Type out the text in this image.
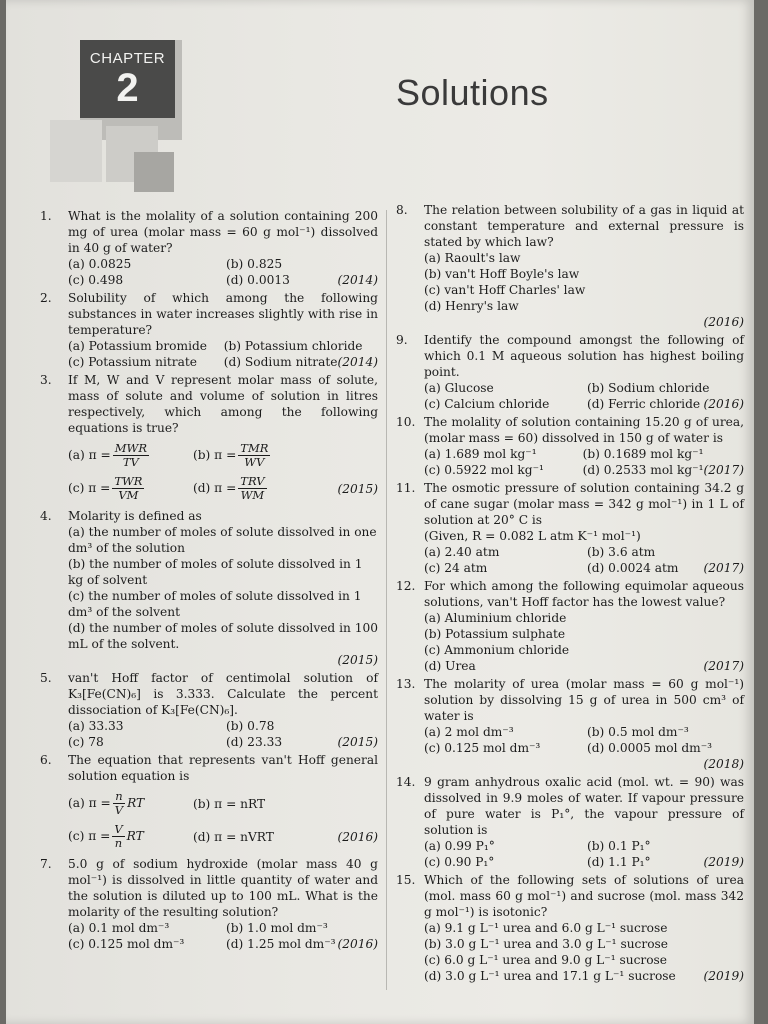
CHAPTER
2	Solutions
1. What is the molality of a solution containing 200 mg of urea (molar mass = 60 g mol⁻¹) dissolved in 40 g of water?
(a) 0.0825	(b) 0.825
(c) 0.498	(d) 0.0013	(2014)
2. Solubility of which among the following substances in water increases slightly with rise in temperature?
(a) Potassium bromide	(b) Potassium chloride
(c) Potassium nitrate	(d) Sodium nitrate (2014)
3. If M, W and V represent molar mass of solute, mass of solute and volume of solution in litres respectively, which among the following equations is true?
(a) $\pi = \frac{\text{MWR}}{TV}$	(b) $\pi = \frac{\text{TMR}}{WV}$
(c) $\pi = \frac{\text{TWR}}{VM}$	(d) $\pi = \frac{\text{TRV}}{WM}$	(2015)
4. Molarity is defined as
(a) the number of moles of solute dissolved in one dm³ of the solution
(b) the number of moles of solute dissolved in 1 kg of solvent
(c) the number of moles of solute dissolved in 1 dm³ of the solvent
(d) the number of moles of solute dissolved in 100 mL of the solvent.
(2015)
5. van't Hoff factor of centimolal solution of K₃[Fe(CN)₆] is 3.333. Calculate the percent dissociation of K₃[Fe(CN)₆].
(a) 33.33	(b) 0.78
(c) 78	(d) 23.33	(2015)
6. The equation that represents van't Hoff general solution equation is
(a) $\pi = \frac{n}{V}$ RT	(b) π = nRT
(c) $\pi = \frac{V}{n}$ RT	(d) π = nVRT	(2016)
7. 5.0 g of sodium hydroxide (molar mass 40 g mol⁻¹) is dissolved in little quantity of water and the solution is diluted up to 100 mL. What is the molarity of the resulting solution?
(a) 0.1 mol dm⁻³	(b) 1.0 mol dm⁻³
(c) 0.125 mol dm⁻³	(d) 1.25 mol dm⁻³ (2016)
8. The relation between solubility of a gas in liquid at constant temperature and external pressure is stated by which law?
(a) Raoult's law
(b) van't Hoff Boyle's law
(c) van't Hoff Charles' law
(d) Henry's law
(2016)
9. Identify the compound amongst the following of which 0.1 M aqueous solution has highest boiling point.
(a) Glucose	(b) Sodium chloride
(c) Calcium chloride	(d) Ferric chloride (2016)
10. The molality of solution containing 15.20 g of urea, (molar mass = 60) dissolved in 150 g of water is
(a) 1.689 mol kg⁻¹	(b) 0.1689 mol kg⁻¹
(c) 0.5922 mol kg⁻¹	(d) 0.2533 mol kg⁻¹ (2017)
11. The osmotic pressure of solution containing 34.2 g of cane sugar (molar mass = 342 g mol⁻¹) in 1 L of solution at 20° C is
(Given, R = 0.082 L atm K⁻¹ mol⁻¹)
(a) 2.40 atm	(b) 3.6 atm
(c) 24 atm	(d) 0.0024 atm (2017)
12. For which among the following equimolar aqueous solutions, van't Hoff factor has the lowest value?
(a) Aluminium chloride
(b) Potassium sulphate
(c) Ammonium chloride
(d) Urea	(2017)
13. The molarity of urea (molar mass = 60 g mol⁻¹) solution by dissolving 15 g of urea in 500 cm³ of water is
(a) 2 mol dm⁻³	(b) 0.5 mol dm⁻³
(c) 0.125 mol dm⁻³	(d) 0.0005 mol dm⁻³
(2018)
14. 9 gram anhydrous oxalic acid (mol. wt. = 90) was dissolved in 9.9 moles of water. If vapour pressure of pure water is P₁°, the vapour pressure of solution is
(a) 0.99 P₁°	(b) 0.1 P₁°
(c) 0.90 P₁°	(d) 1.1 P₁°	(2019)
15. Which of the following sets of solutions of urea (mol. mass 60 g mol⁻¹) and sucrose (mol. mass 342 g mol⁻¹) is isotonic?
(a) 9.1 g L⁻¹ urea and 6.0 g L⁻¹ sucrose
(b) 3.0 g L⁻¹ urea and 3.0 g L⁻¹ sucrose
(c) 6.0 g L⁻¹ urea and 9.0 g L⁻¹ sucrose
(d) 3.0 g L⁻¹ urea and 17.1 g L⁻¹ sucrose (2019)
